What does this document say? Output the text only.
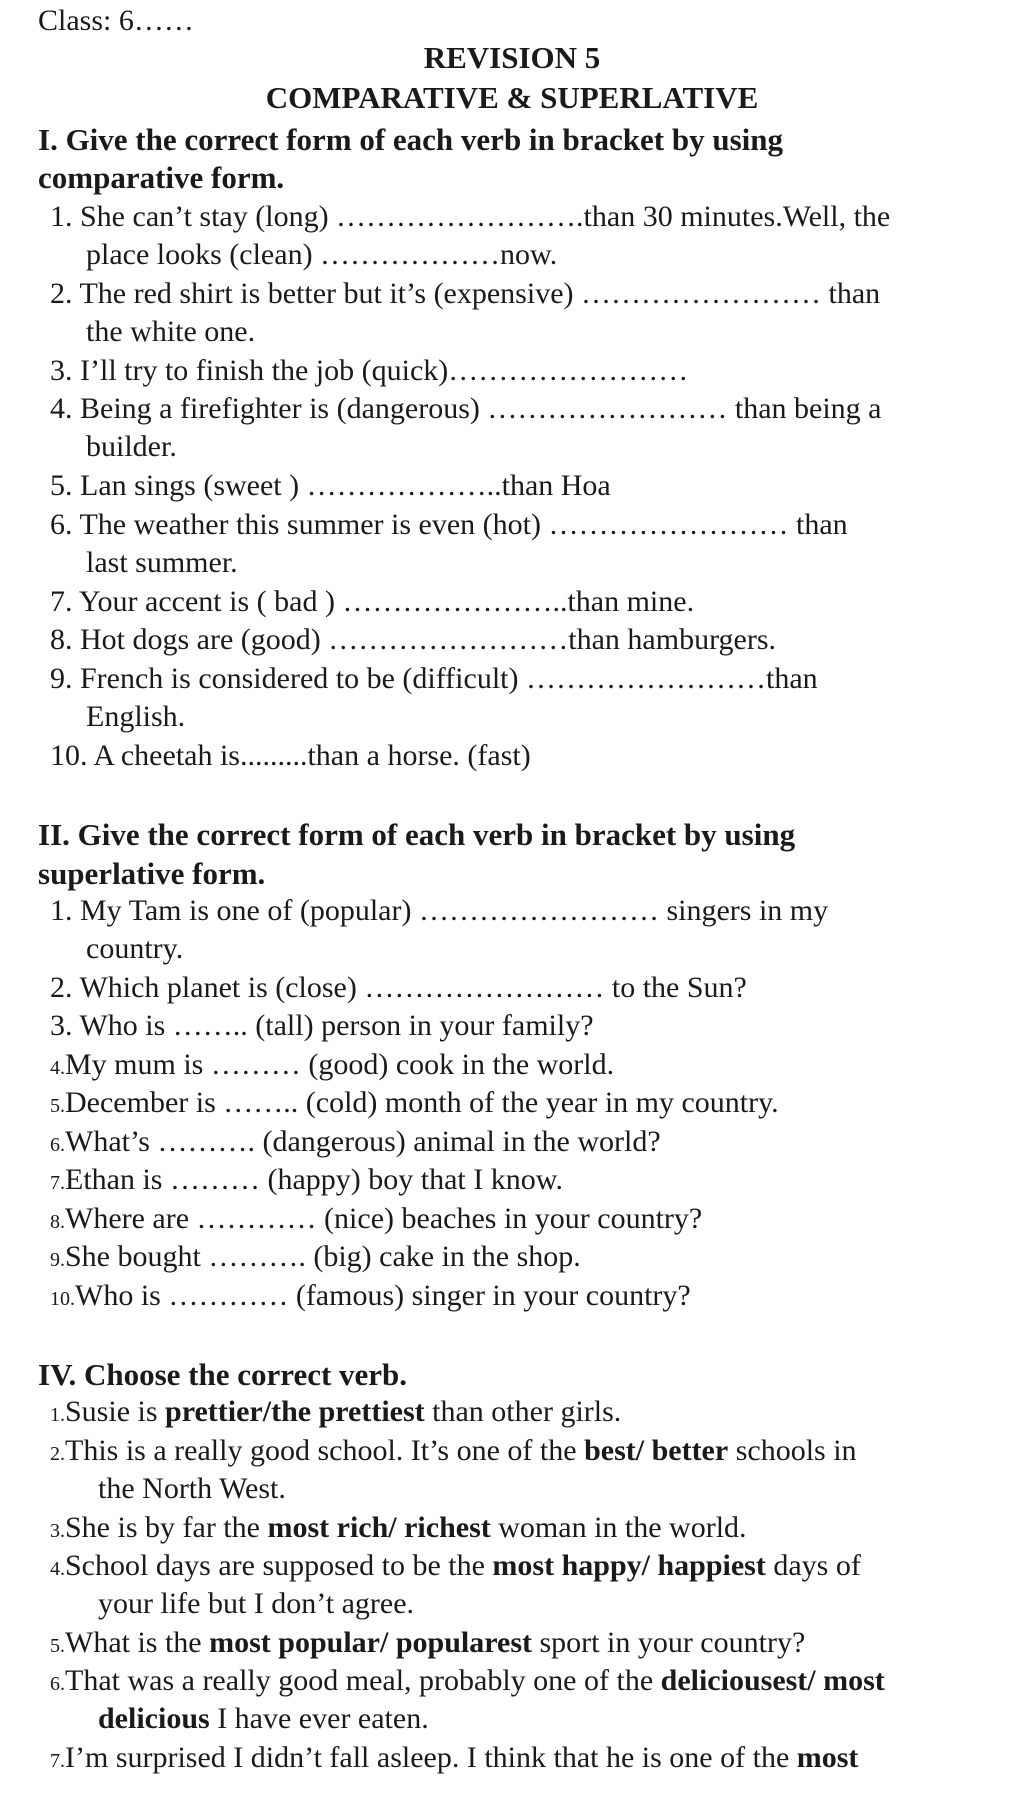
Class: 6……
REVISION 5
COMPARATIVE & SUPERLATIVE
I. Give the correct form of each verb in bracket by using
comparative form.
1. She can’t stay (long) …………………….than 30 minutes.Well, the
place looks (clean) ………………now.
2. The red shirt is better but it’s (expensive) …………………… than
the white one.
3. I’ll try to finish the job (quick)……………………
4. Being a firefighter is (dangerous) …………………… than being a
builder.
5. Lan sings (sweet ) ………………..than Hoa
6. The weather this summer is even (hot) …………………… than
last summer.
7. Your accent is ( bad ) …………………..than mine.
8. Hot dogs are (good) ……………………than hamburgers.
9. French is considered to be (difficult) ……………………than
English.
10. A cheetah is.........than a horse. (fast)
II. Give the correct form of each verb in bracket by using
superlative form.
1. My Tam is one of (popular) …………………… singers in my
country.
2. Which planet is (close) …………………… to the Sun?
3. Who is …….. (tall) person in your family?
4.My mum is ……… (good) cook in the world.
5.December is …….. (cold) month of the year in my country.
6.What’s ………. (dangerous) animal in the world?
7.Ethan is ……… (happy) boy that I know.
8.Where are ………… (nice) beaches in your country?
9.She bought ………. (big) cake in the shop.
10.Who is ………… (famous) singer in your country?
IV. Choose the correct verb.
1.Susie is prettier/the prettiest than other girls.
2.This is a really good school. It’s one of the best/ better schools in
the North West.
3.She is by far the most rich/ richest woman in the world.
4.School days are supposed to be the most happy/ happiest days of
your life but I don’t agree.
5.What is the most popular/ popularest sport in your country?
6.That was a really good meal, probably one of the deliciousest/ most
delicious I have ever eaten.
7.I’m surprised I didn’t fall asleep. I think that he is one of the most
